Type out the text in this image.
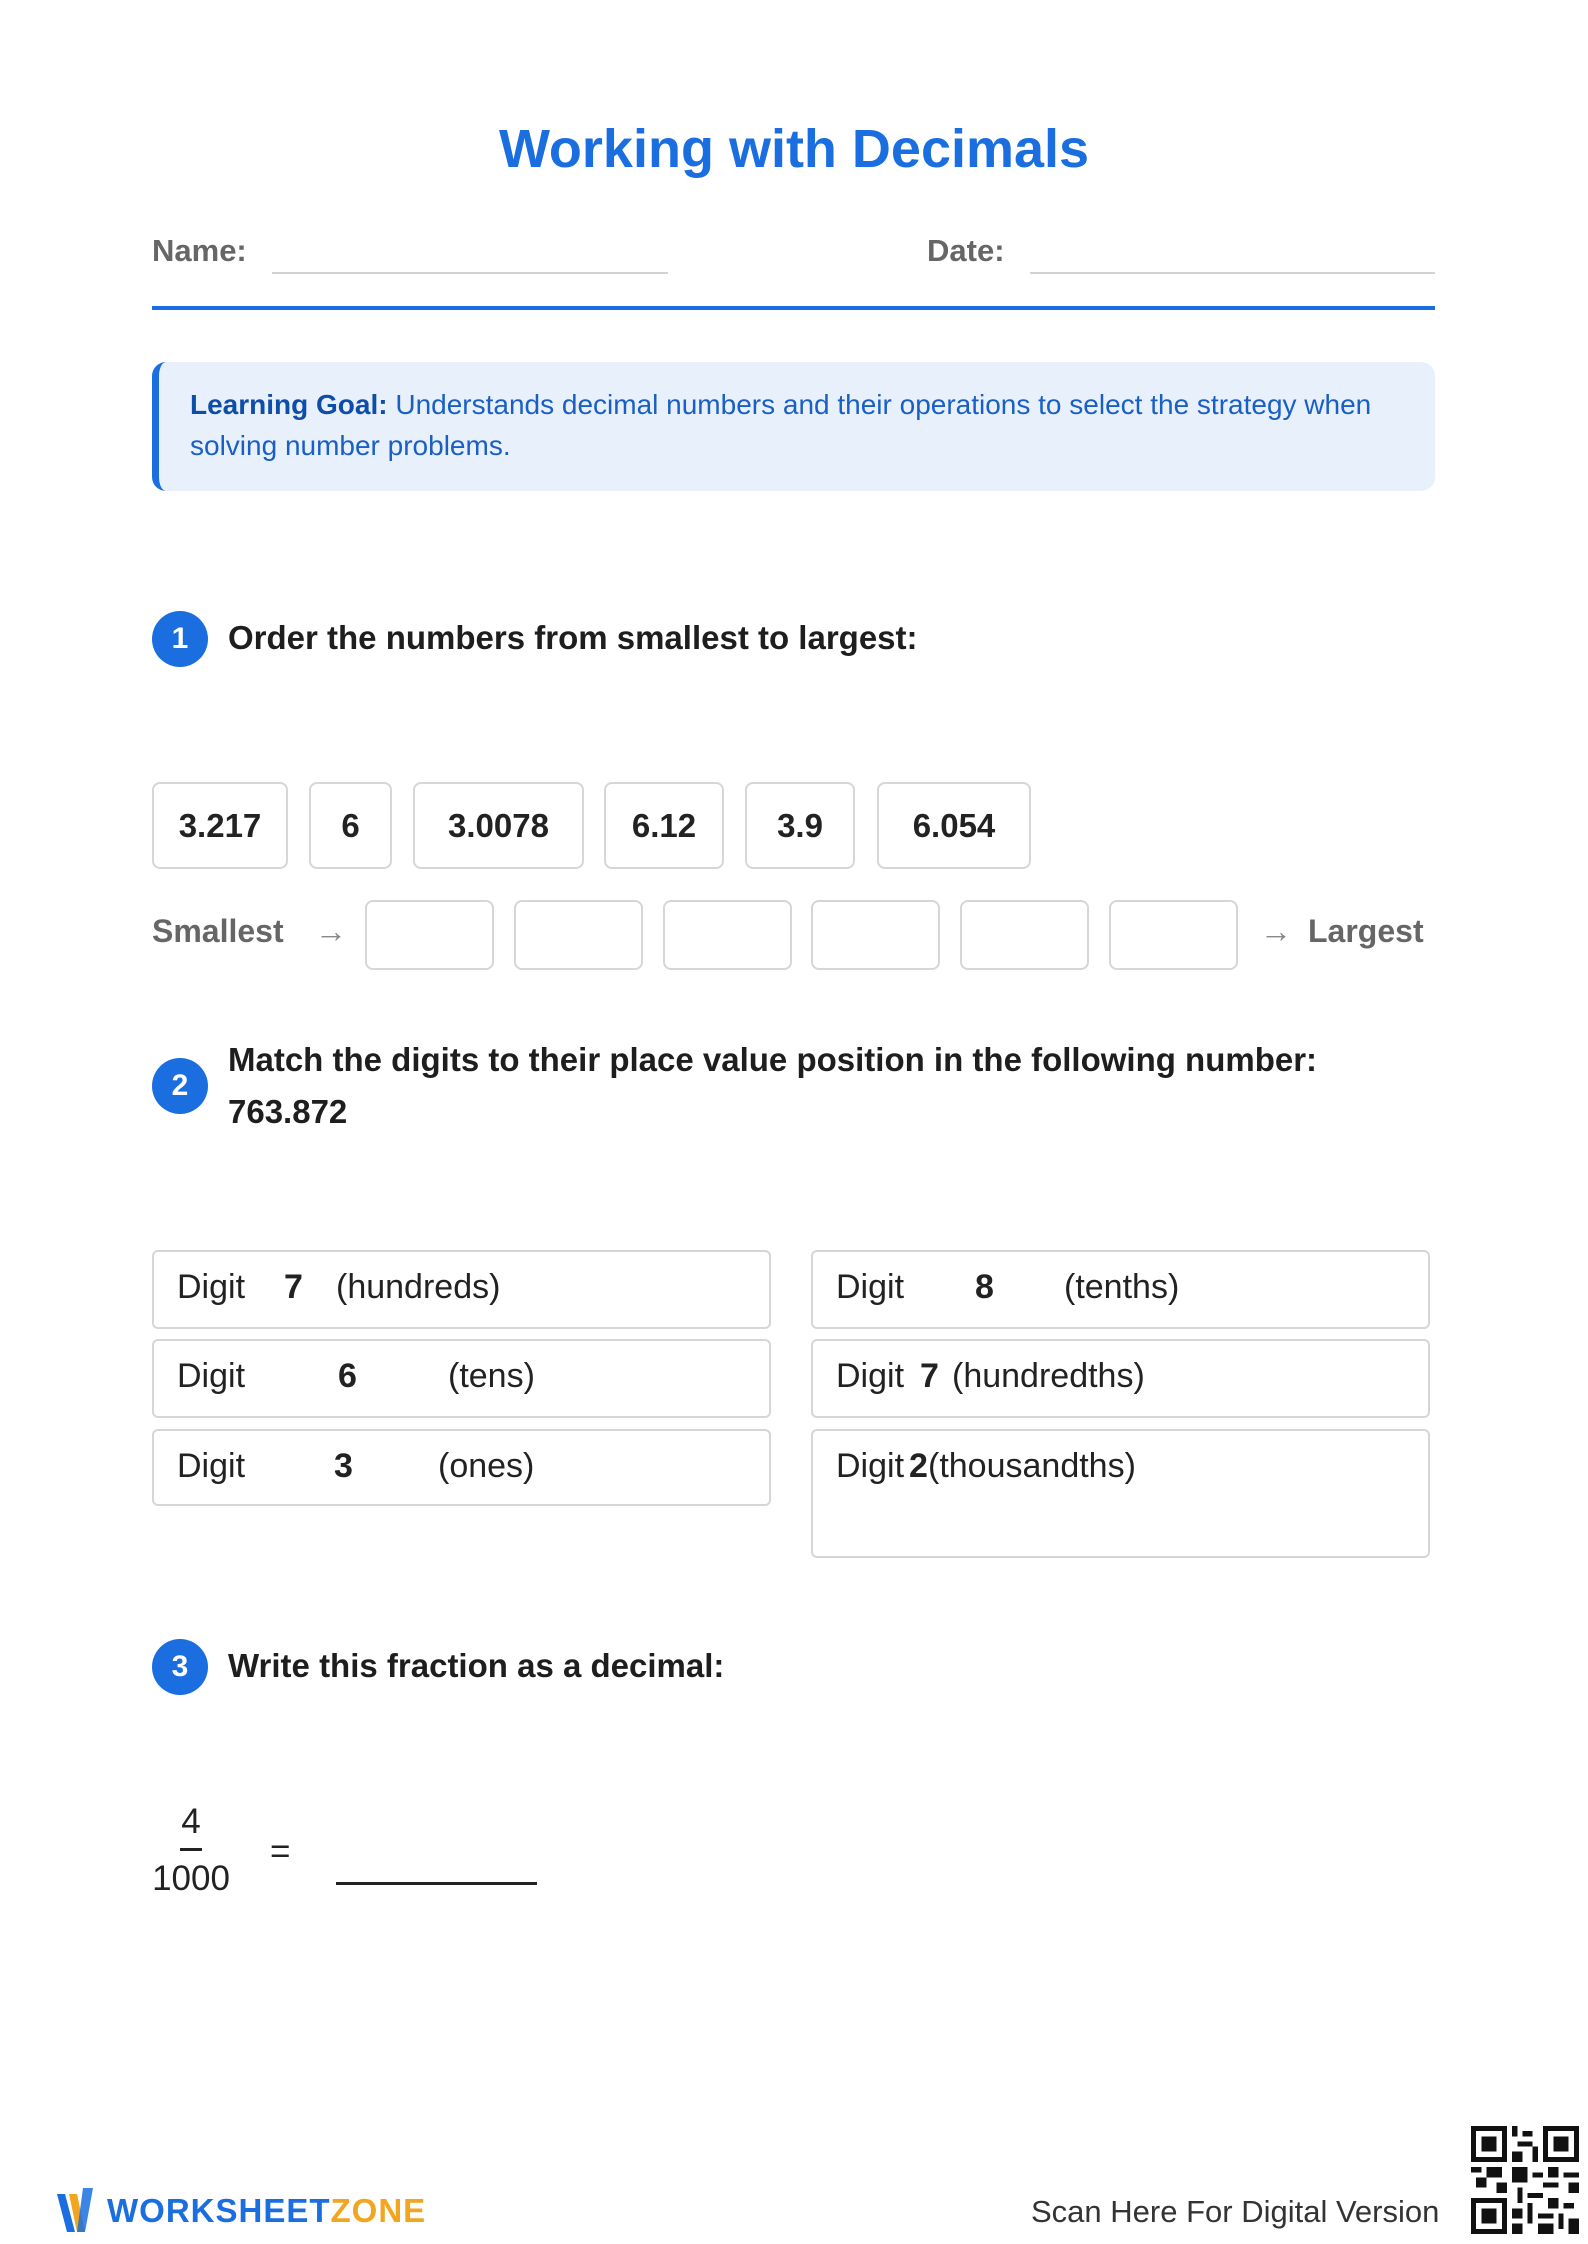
Working with Decimals
Name:	Date:
Learning Goal: Understands decimal numbers and their operations to select the strategy when solving number problems.
1	Order the numbers from smallest to largest:
3.217	6	3.0078	6.12	3.9	6.054
Smallest →	→ Largest
2
Match the digits to their place value position in the following number:
763.872
Digit 7 (hundreds)
Digit	6	(tens)
Digit	3	(ones)
Digit 8 (tenths)
Digit 7 (hundredths)
Digit 2 (thousandths)
3	Write this fraction as a decimal:
4
1000
=
WORKSHEETZONE	Scan Here For Digital Version
